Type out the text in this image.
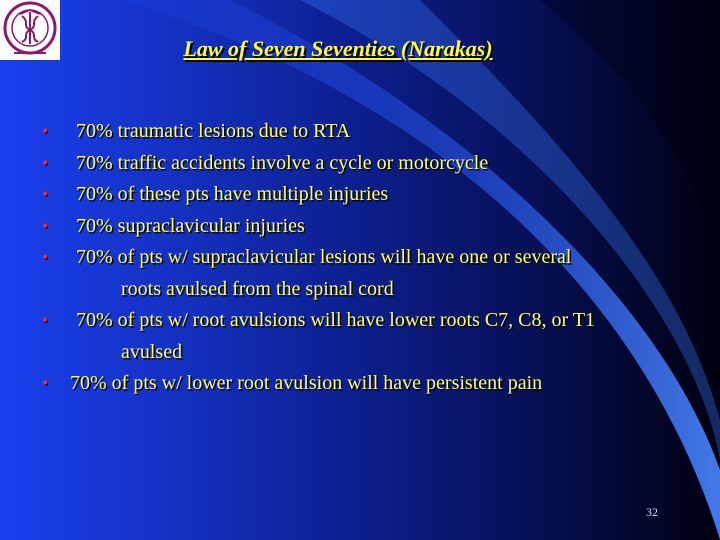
Law of Seven Seventies (Narakas)
•	70% traumatic lesions due to RTA
•	70% traffic accidents involve a cycle or motorcycle
•	70% of these pts have multiple injuries
•	70% supraclavicular injuries
•	70% of pts w/ supraclavicular lesions will have one or several
roots avulsed from the spinal cord
•	70% of pts w/ root avulsions will have lower roots C7, C8, or T1
avulsed
•	70% of pts w/ lower root avulsion will have persistent pain
32
